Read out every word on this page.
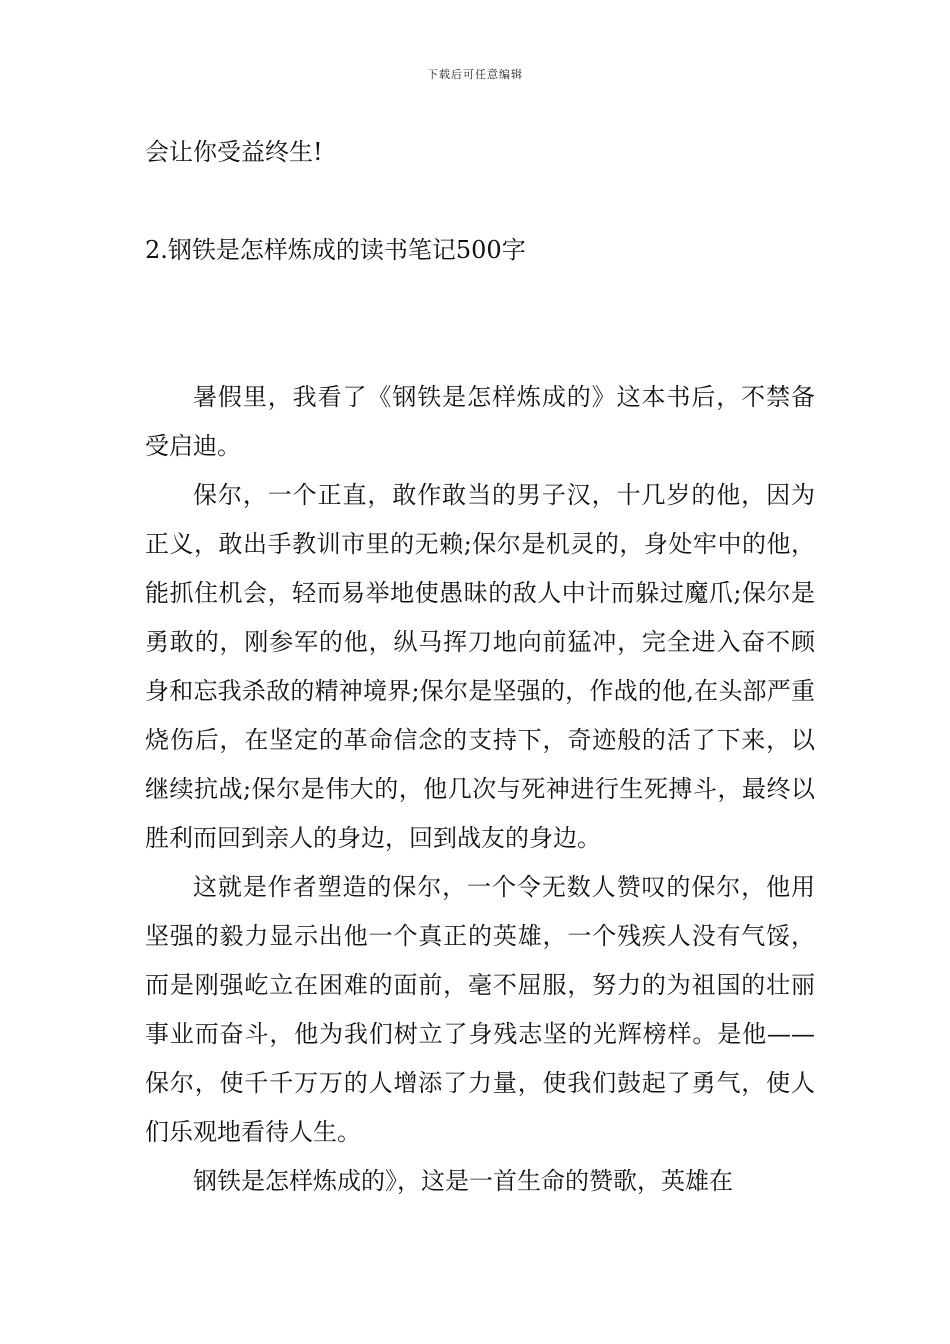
下载后可任意编辑

会让你受益终生!

2.钢铁是怎样炼成的读书笔记500字

暑假里，我看了《钢铁是怎样炼成的》这本书后，不禁备受启迪。

保尔，一个正直，敢作敢当的男子汉，十几岁的他，因为正义，敢出手教训市里的无赖;保尔是机灵的，身处牢中的他，能抓住机会，轻而易举地使愚昧的敌人中计而躲过魔爪;保尔是勇敢的，刚参军的他，纵马挥刀地向前猛冲，完全进入奋不顾身和忘我杀敌的精神境界;保尔是坚强的，作战的他,在头部严重烧伤后，在坚定的革命信念的支持下，奇迹般的活了下来，以继续抗战;保尔是伟大的，他几次与死神进行生死搏斗，最终以胜利而回到亲人的身边，回到战友的身边。

这就是作者塑造的保尔，一个令无数人赞叹的保尔，他用坚强的毅力显示出他一个真正的英雄，一个残疾人没有气馁，而是刚强屹立在困难的面前，毫不屈服，努力的为祖国的壮丽事业而奋斗，他为我们树立了身残志坚的光辉榜样。是他——保尔，使千千万万的人增添了力量，使我们鼓起了勇气，使人们乐观地看待人生。

钢铁是怎样炼成的》，这是一首生命的赞歌，英雄在
